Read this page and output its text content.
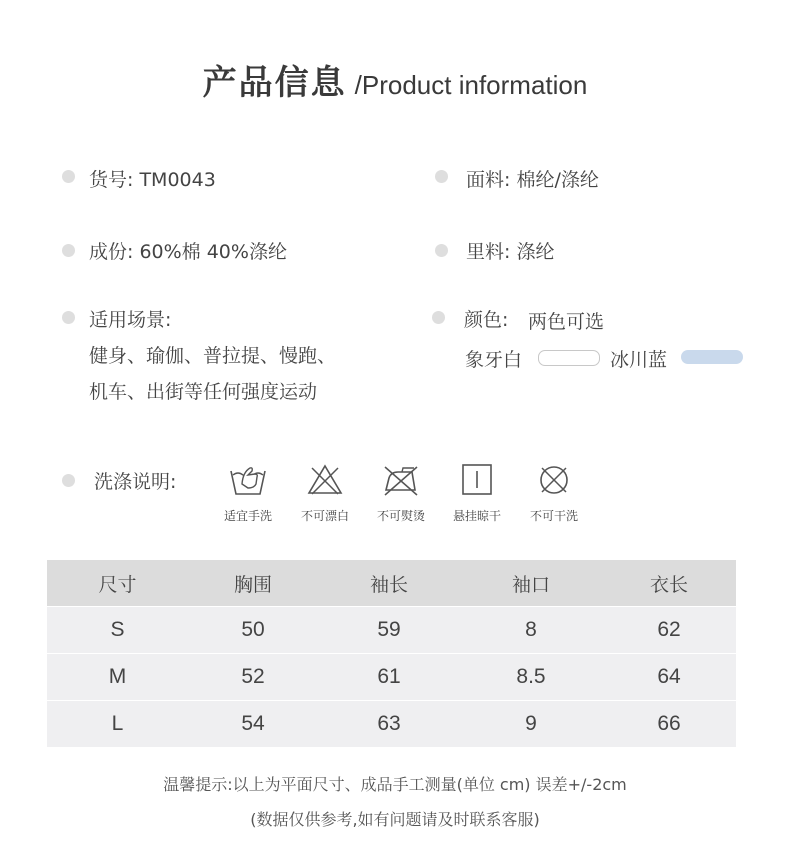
产品信息 /Product information
货号: TM0043	面料: 棉纶/涤纶
成份: 60%棉 40%涤纶	里料: 涤纶
适用场景:
健身、瑜伽、普拉提、慢跑、
机车、出街等任何强度运动
颜色: 两色可选
象牙白	冰川蓝
洗涤说明:
适宜手洗	不可漂白	不可熨烫	悬挂晾干	不可干洗
尺寸	胸围	袖长	袖口	衣长
S	50	59	8	62
M	52	61	8.5	64
L	54	63	9	66
温馨提示:以上为平面尺寸、成品手工测量(单位 cm) 误差+/-2cm
(数据仅供参考,如有问题请及时联系客服)
